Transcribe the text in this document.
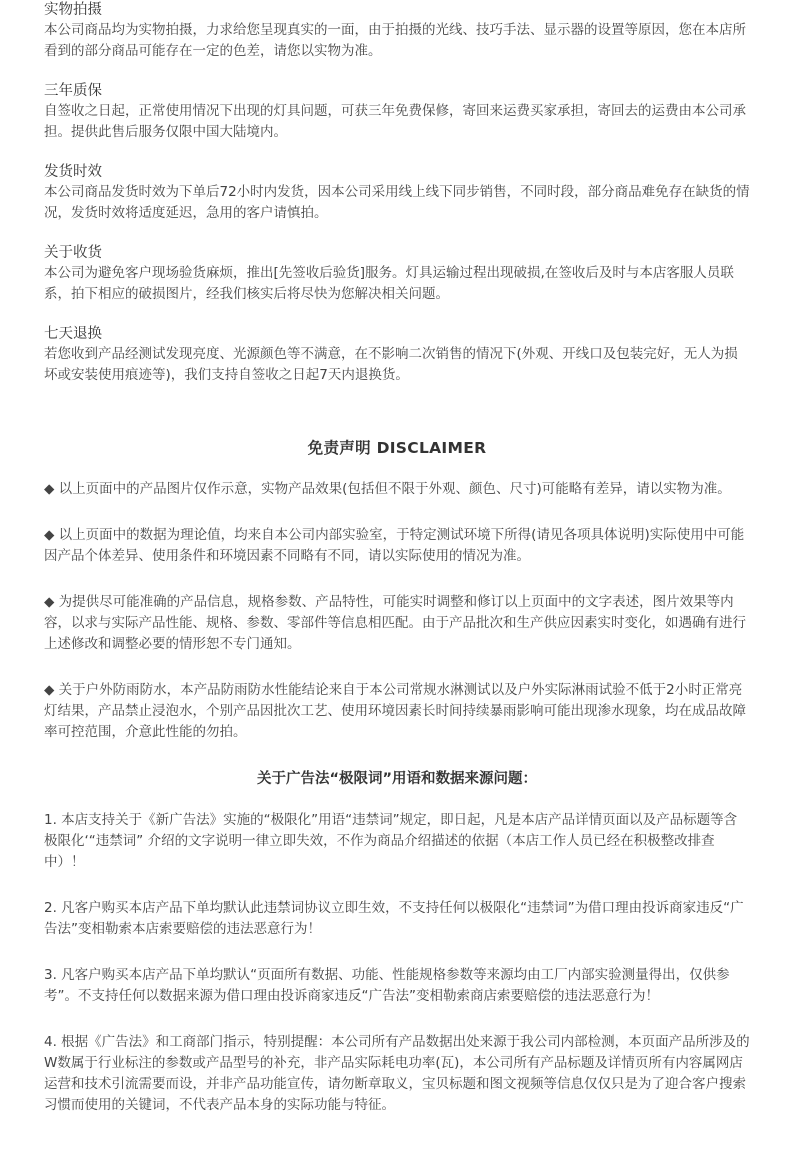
实物拍摄

本公司商品均为实物拍摄，力求给您呈现真实的一面，由于拍摄的光线、技巧手法、显示器的设置等原因，您在本店所看到的部分商品可能存在一定的色差，请您以实物为准。

三年质保

自签收之日起，正常使用情况下出现的灯具问题，可获三年免费保修，寄回来运费买家承担，寄回去的运费由本公司承担。提供此售后服务仅限中国大陆境内。

发货时效

本公司商品发货时效为下单后72小时内发货，因本公司采用线上线下同步销售，不同时段，部分商品难免存在缺货的情况，发货时效将适度延迟，急用的客户请慎拍。

关于收货

本公司为避免客户现场验货麻烦，推出[先签收后验货]服务。灯具运输过程出现破损,在签收后及时与本店客服人员联系，拍下相应的破损图片，经我们核实后将尽快为您解决相关问题。

七天退换

若您收到产品经测试发现亮度、光源颜色等不满意，在不影响二次销售的情况下(外观、开线口及包装完好，无人为损坏或安装使用痕迹等)，我们支持自签收之日起7天内退换货。

免责声明 DISCLAIMER

◆ 以上页面中的产品图片仅作示意，实物产品效果(包括但不限于外观、颜色、尺寸)可能略有差异，请以实物为准。

◆ 以上页面中的数据为理论值，均来自本公司内部实验室，于特定测试环境下所得(请见各项具体说明)实际使用中可能因产品个体差异、使用条件和环境因素不同略有不同，请以实际使用的情况为准。

◆ 为提供尽可能准确的产品信息，规格参数、产品特性，可能实时调整和修订以上页面中的文字表述，图片效果等内容，以求与实际产品性能、规格、参数、零部件等信息相匹配。由于产品批次和生产供应因素实时变化，如遇确有进行上述修改和调整必要的情形恕不专门通知。

◆ 关于户外防雨防水，本产品防雨防水性能结论来自于本公司常规水淋测试以及户外实际淋雨试验不低于2小时正常亮灯结果，产品禁止浸泡水，个别产品因批次工艺、使用环境因素长时间持续暴雨影响可能出现渗水现象，均在成品故障率可控范围，介意此性能的勿拍。

关于广告法“极限词”用语和数据来源问题：

1. 本店支持关于《新广告法》实施的“极限化”用语“违禁词”规定，即日起，凡是本店产品详情页面以及产品标题等含极限化‘“违禁词” 介绍的文字说明一律立即失效，不作为商品介绍描述的依据（本店工作人员已经在积极整改排查中）！

2. 凡客户购买本店产品下单均默认此违禁词协议立即生效，不支持任何以极限化“违禁词”为借口理由投诉商家违反“广告法”变相勒索本店索要赔偿的违法恶意行为！

3. 凡客户购买本店产品下单均默认“页面所有数据、功能、性能规格参数等来源均由工厂内部实验测量得出，仅供参考”。不支持任何以数据来源为借口理由投诉商家违反“广告法”变相勒索商店索要赔偿的违法恶意行为！

4. 根据《广告法》和工商部门指示，特别提醒：本公司所有产品数据出处来源于我公司内部检测，本页面产品所涉及的W数属于行业标注的参数或产品型号的补充，非产品实际耗电功率(瓦)，本公司所有产品标题及详情页所有内容属网店运营和技术引流需要而设，并非产品功能宣传，请勿断章取义，宝贝标题和图文视频等信息仅仅只是为了迎合客户搜索习惯而使用的关键词，不代表产品本身的实际功能与特征。
